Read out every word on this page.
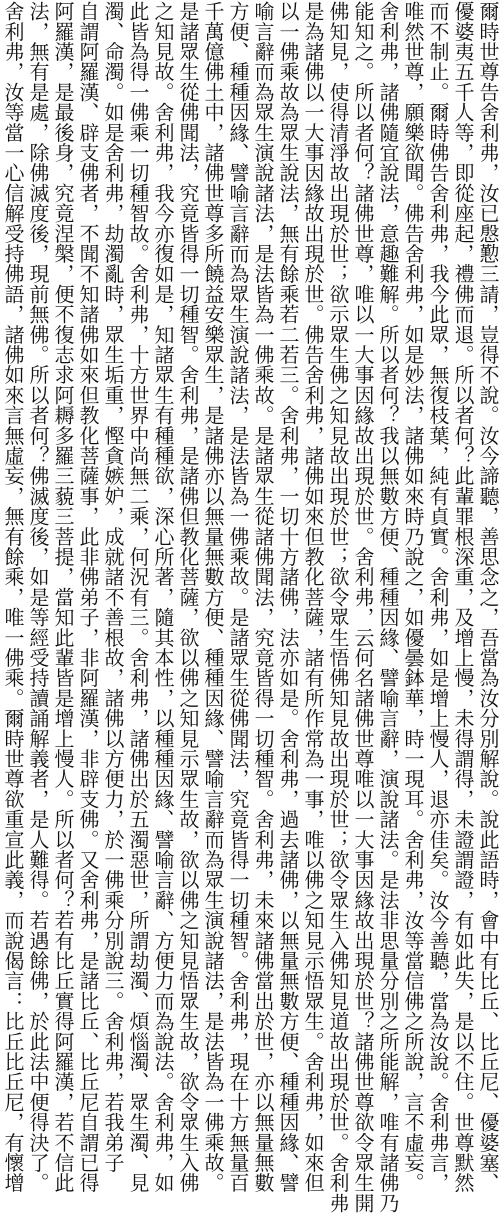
爾時世尊告舍利弗，汝已慇懃三請，豈得不說。汝今諦聽，善思念之，吾當為汝分別解說。說此語時，會中有比丘、比丘尼、優婆塞、
優婆夷五千人等，即從座起，禮佛而退。所以者何？此輩罪根深重，及增上慢，未得謂得，未證謂證，有如此失，是以不住。世尊默然
而不制止。爾時佛告舍利弗，我今此眾，無復枝葉，純有貞實。舍利弗，如是增上慢人，退亦佳矣。汝今善聽，當為汝說。舍利弗言，
唯然世尊，願樂欲聞。佛告舍利弗，如是妙法，諸佛如來時乃說之，如優曇鉢華，時一現耳。舍利弗，汝等當信佛之所說，言不虛妄。
舍利弗，諸佛隨宜說法，意趣難解。所以者何？我以無數方便、種種因緣、譬喻言辭，演說諸法。是法非思量分別之所能解，唯有諸佛乃
能知之。所以者何？諸佛世尊，唯以一大事因緣故出現於世。舍利弗，云何名諸佛世尊唯以一大事因緣故出現於世？諸佛世尊欲令眾生開
佛知見，使得清淨故出現於世；欲示眾生佛之知見故出現於世；欲令眾生悟佛知見故出現於世；欲令眾生入佛知見道故出現於世。舍利弗
是為諸佛以一大事因緣故出現於世。佛告舍利弗，諸佛如來但教化菩薩，諸有所作常為一事，唯以佛之知見示悟眾生。舍利弗，如來但
以一佛乘故為眾生說法，無有餘乘若二若三。舍利弗，一切十方諸佛，法亦如是。舍利弗，過去諸佛，以無量無數方便、種種因緣、譬
喻言辭而為眾生演說諸法，是法皆為一佛乘故。是諸眾生從諸佛聞法，究竟皆得一切種智。舍利弗，未來諸佛當出於世，亦以無量無數
方便、種種因緣、譬喻言辭而為眾生演說諸法，是法皆為一佛乘故。是諸眾生從佛聞法，究竟皆得一切種智。舍利弗，現在十方無量百
千萬億佛土中，諸佛世尊多所饒益安樂眾生，是諸佛亦以無量無數方便、種種因緣、譬喻言辭而為眾生演說諸法，是法皆為一佛乘故。
是諸眾生從佛聞法，究竟皆得一切種智。舍利弗，是諸佛但教化菩薩，欲以佛之知見示眾生故，欲以佛之知見悟眾生故，欲令眾生入佛
之知見故。舍利弗，我今亦復如是，知諸眾生有種種欲，深心所著，隨其本性，以種種因緣、譬喻言辭、方便力而為說法。舍利弗，如
此皆為得一佛乘一切種智故。舍利弗，十方世界中尚無二乘，何況有三。舍利弗，諸佛出於五濁惡世，所謂劫濁、煩惱濁、眾生濁、見
濁、命濁。如是舍利弗，劫濁亂時，眾生垢重，慳貪嫉妒，成就諸不善根故，諸佛以方便力，於一佛乘分別說三。舍利弗，若我弟子
自謂阿羅漢、辟支佛者，不聞不知諸佛如來但教化菩薩事，此非佛弟子，非阿羅漢，非辟支佛。又舍利弗，是諸比丘、比丘尼自謂已得
阿羅漢，是最後身，究竟涅槃，便不復志求阿耨多羅三藐三菩提，當知此輩皆是增上慢人。所以者何？若有比丘實得阿羅漢，若不信此
法，無有是處，除佛滅度後，現前無佛。所以者何？佛滅度後，如是等經受持讀誦解義者，是人難得。若遇餘佛，於此法中便得決了。
舍利弗，汝等當一心信解受持佛語，諸佛如來言無虛妄，無有餘乘，唯一佛乘。爾時世尊欲重宣此義，而說偈言：比丘比丘尼，有懷增
